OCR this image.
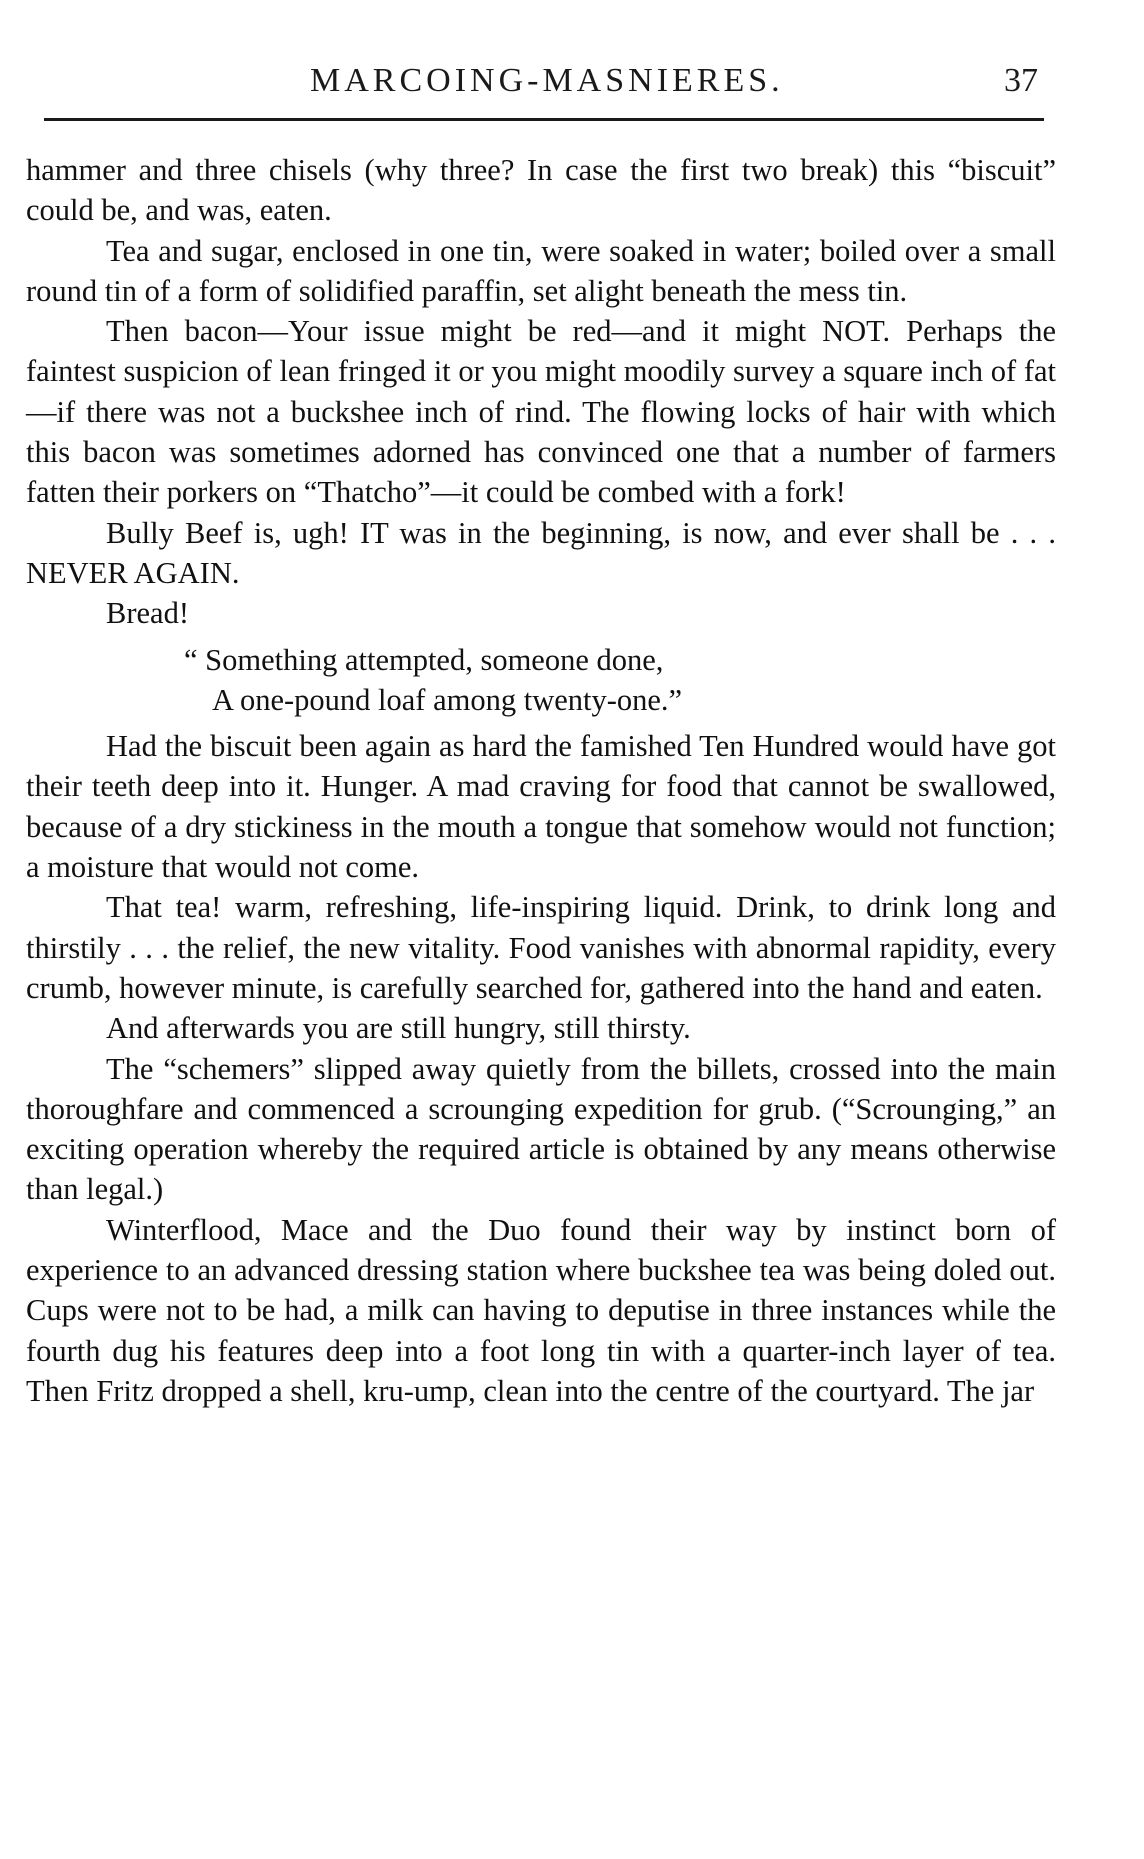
MARCOING-MASNIERES.	37

hammer and three chisels (why three? In case the first two break) this “biscuit” could be, and was, eaten.

Tea and sugar, enclosed in one tin, were soaked in water; boiled over a small round tin of a form of solidified paraffin, set alight beneath the mess tin.

Then bacon—Your issue might be red—and it might NOT. Perhaps the faintest suspicion of lean fringed it or you might moodily survey a square inch of fat—if there was not a buckshee inch of rind. The flowing locks of hair with which this bacon was sometimes adorned has convinced one that a number of farmers fatten their porkers on “Thatcho”—it could be combed with a fork!

Bully Beef is, ugh! IT was in the beginning, is now, and ever shall be . . . NEVER AGAIN.

Bread!

“ Something attempted, someone done,
A one-pound loaf among twenty-one.”

Had the biscuit been again as hard the famished Ten Hundred would have got their teeth deep into it. Hunger. A mad craving for food that cannot be swallowed, because of a dry stickiness in the mouth a tongue that somehow would not function; a moisture that would not come.

That tea! warm, refreshing, life-inspiring liquid. Drink, to drink long and thirstily . . . the relief, the new vitality. Food vanishes with abnormal rapidity, every crumb, however minute, is carefully searched for, gathered into the hand and eaten.

And afterwards you are still hungry, still thirsty.

The “schemers” slipped away quietly from the billets, crossed into the main thoroughfare and commenced a scrounging expedition for grub. (“Scrounging,” an exciting operation whereby the required article is obtained by any means otherwise than legal.)

Winterflood, Mace and the Duo found their way by instinct born of experience to an advanced dressing station where buckshee tea was being doled out. Cups were not to be had, a milk can having to deputise in three instances while the fourth dug his features deep into a foot long tin with a quarter-inch layer of tea. Then Fritz dropped a shell, kru-ump, clean into the centre of the courtyard. The jar
